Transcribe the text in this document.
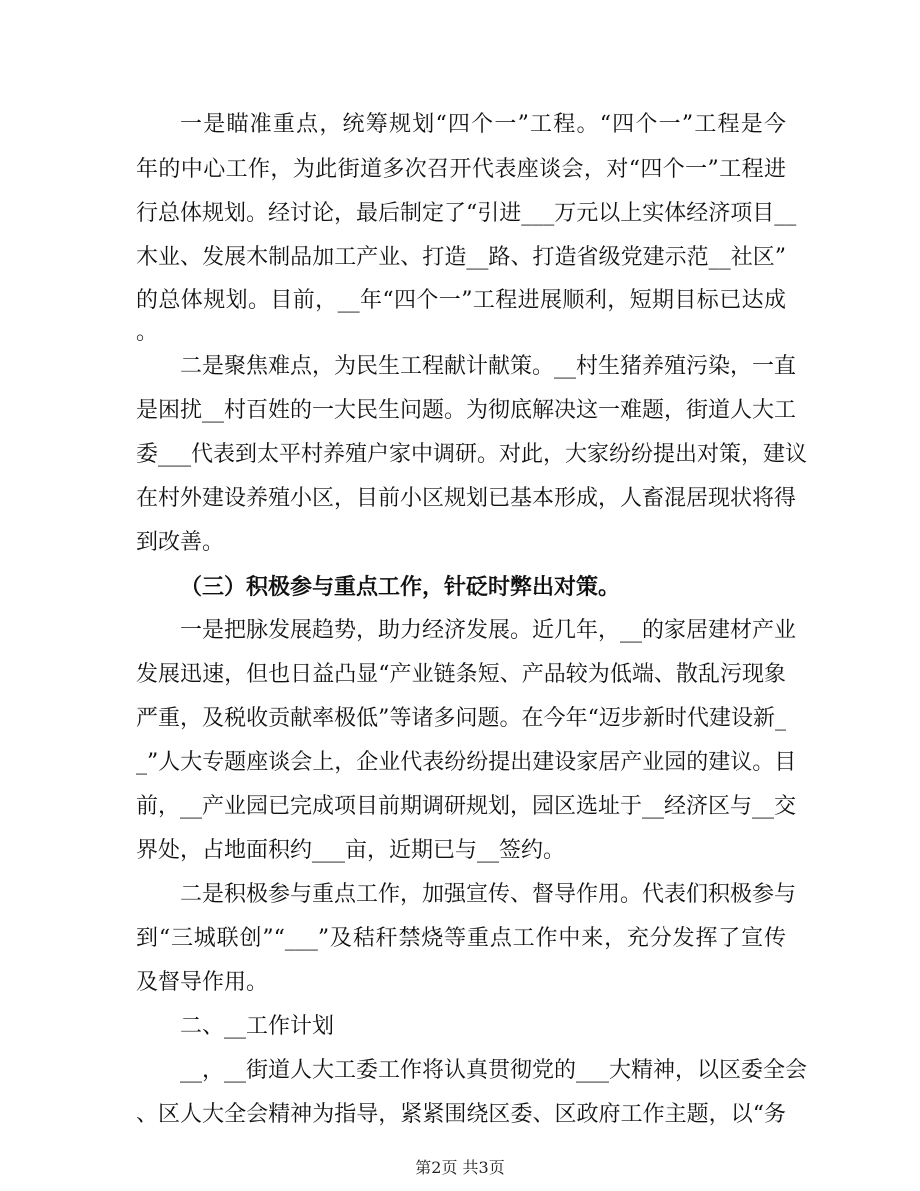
一是瞄准重点，统筹规划“四个一”工程。“四个一”工程是今
年的中心工作，为此街道多次召开代表座谈会，对“四个一”工程进
行总体规划。经讨论，最后制定了“引进___万元以上实体经济项目__
木业、发展木制品加工产业、打造__路、打造省级党建示范__社区”
的总体规划。目前，__年“四个一”工程进展顺利，短期目标已达成
。
二是聚焦难点，为民生工程献计献策。__村生猪养殖污染，一直
是困扰__村百姓的一大民生问题。为彻底解决这一难题，街道人大工
委___代表到太平村养殖户家中调研。对此，大家纷纷提出对策，建议
在村外建设养殖小区，目前小区规划已基本形成，人畜混居现状将得
到改善。
（三）积极参与重点工作，针砭时弊出对策。
一是把脉发展趋势，助力经济发展。近几年，__的家居建材产业
发展迅速，但也日益凸显“产业链条短、产品较为低端、散乱污现象
严重，及税收贡献率极低”等诸多问题。在今年“迈步新时代建设新_
_”人大专题座谈会上，企业代表纷纷提出建设家居产业园的建议。目
前，__产业园已完成项目前期调研规划，园区选址于__经济区与__交
界处，占地面积约___亩，近期已与__签约。
二是积极参与重点工作，加强宣传、督导作用。代表们积极参与
到“三城联创”“___”及秸秆禁烧等重点工作中来，充分发挥了宣传
及督导作用。
二、__工作计划
__，__街道人大工委工作将认真贯彻党的___大精神，以区委全会
、区人大全会精神为指导，紧紧围绕区委、区政府工作主题，以“务
第2页 共3页
